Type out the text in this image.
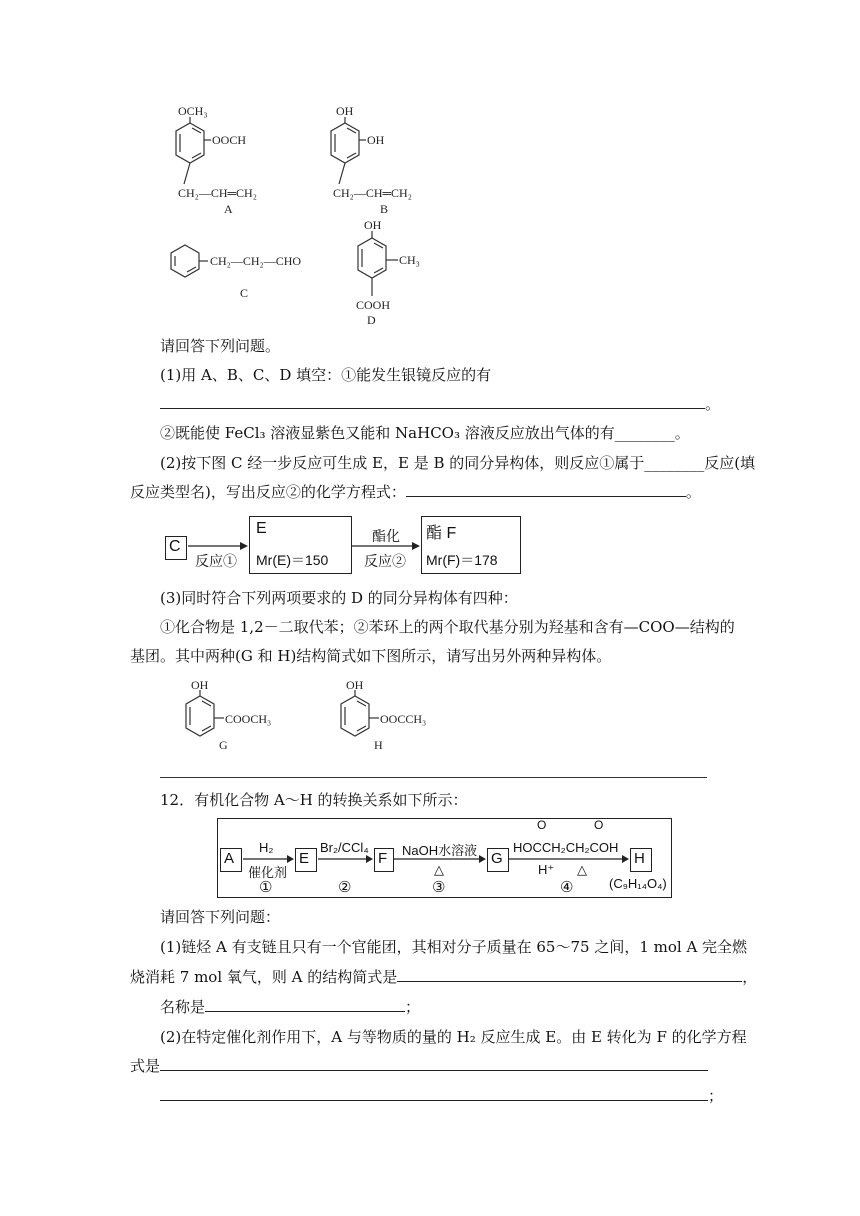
OCH₃
OOCH
CH₂—CH═CH₂
A
OH
OH
CH₂—CH═CH₂
B
CH₂—CH₂—CHO
C
OH
CH₃
COOH
D
请回答下列问题。
(1)用 A、B、C、D 填空：①能发生银镜反应的有
。
②既能使 FeCl₃ 溶液显紫色又能和 NaHCO₃ 溶液反应放出气体的有________。
(2)按下图 C 经一步反应可生成 E，E 是 B 的同分异构体，则反应①属于________反应(填
反应类型名)，写出反应②的化学方程式：	。
C
反应①
E
Mr(E)＝150
酯化
反应②
酯 F
Mr(F)＝178
(3)同时符合下列两项要求的 D 的同分异构体有四种：
①化合物是 1,2－二取代苯；②苯环上的两个取代基分别为羟基和含有—COO—结构的
基团。其中两种(G 和 H)结构简式如下图所示，请写出另外两种异构体。
OH
COOCH₃
G
OH
OOCCH₃
H
12．有机化合物 A～H 的转换关系如下所示：
A
H₂
催化剂
①
E
Br₂/CCl₄
②
F NaOH水溶液
△
③
G
O	O
HOCCH₂CH₂COH
H⁺ △
④
H
(C₉H₁₄O₄)
请回答下列问题：
(1)链烃 A 有支链且只有一个官能团，其相对分子质量在 65～75 之间，1 mol A 完全燃
烧消耗 7 mol 氧气，则 A 的结构简式是	，
名称是	；
(2)在特定催化剂作用下，A 与等物质的量的 H₂ 反应生成 E。由 E 转化为 F 的化学方程
式是
；
